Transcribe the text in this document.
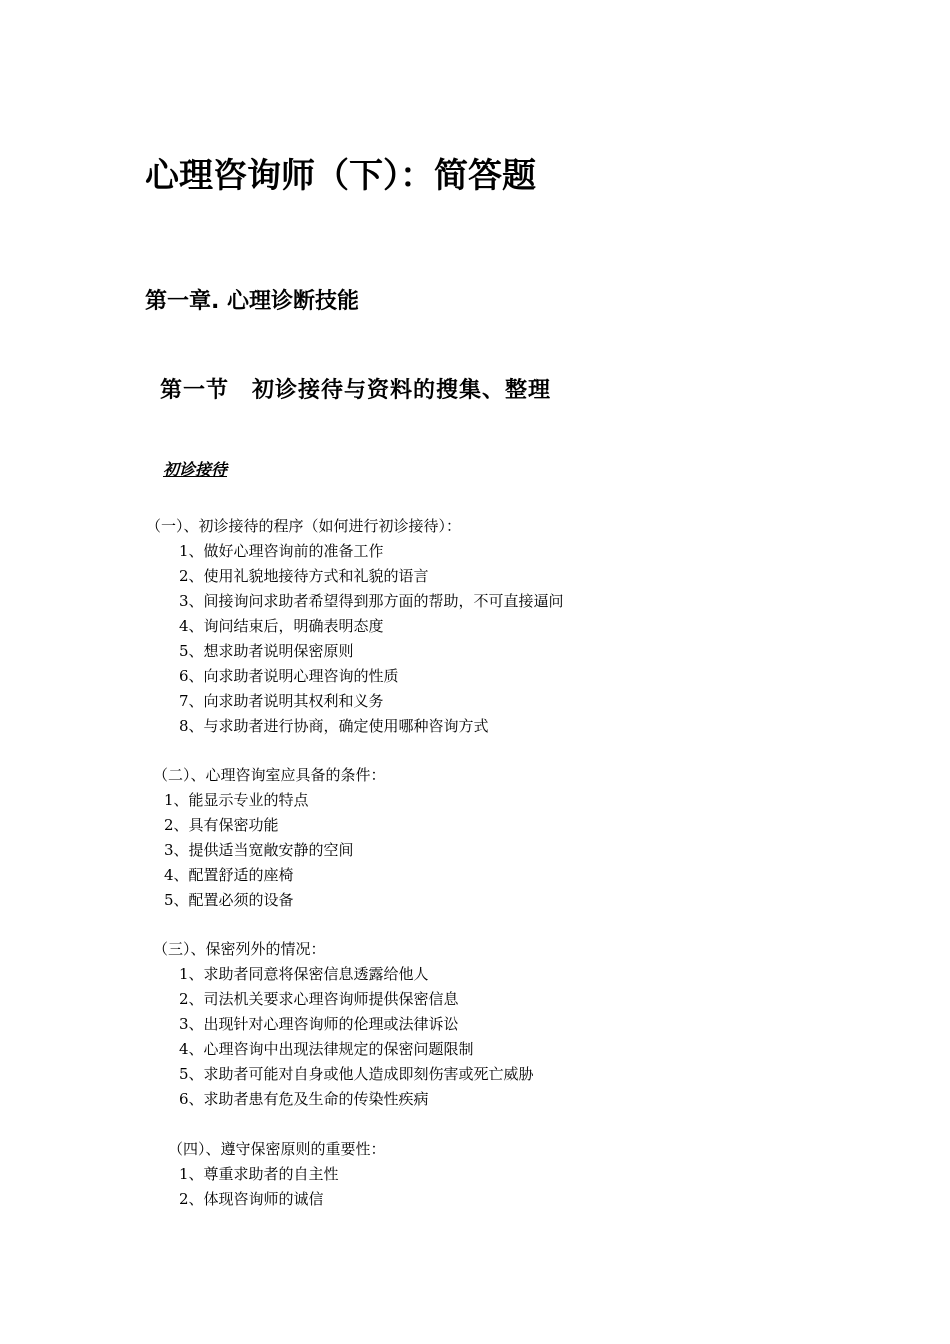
心理咨询师（下）：简答题
第一章. 心理诊断技能
第一节　初诊接待与资料的搜集、整理
初诊接待
（一）、初诊接待的程序（如何进行初诊接待）：
1、做好心理咨询前的准备工作
2、使用礼貌地接待方式和礼貌的语言
3、间接询问求助者希望得到那方面的帮助，不可直接逼问
4、询问结束后，明确表明态度
5、想求助者说明保密原则
6、向求助者说明心理咨询的性质
7、向求助者说明其权利和义务
8、与求助者进行协商，确定使用哪种咨询方式
（二）、心理咨询室应具备的条件：
1、能显示专业的特点
2、具有保密功能
3、提供适当宽敞安静的空间
4、配置舒适的座椅
5、配置必须的设备
（三）、保密列外的情况：
1、求助者同意将保密信息透露给他人
2、司法机关要求心理咨询师提供保密信息
3、出现针对心理咨询师的伦理或法律诉讼
4、心理咨询中出现法律规定的保密问题限制
5、求助者可能对自身或他人造成即刻伤害或死亡威胁
6、求助者患有危及生命的传染性疾病
（四）、遵守保密原则的重要性：
1、尊重求助者的自主性
2、体现咨询师的诚信
